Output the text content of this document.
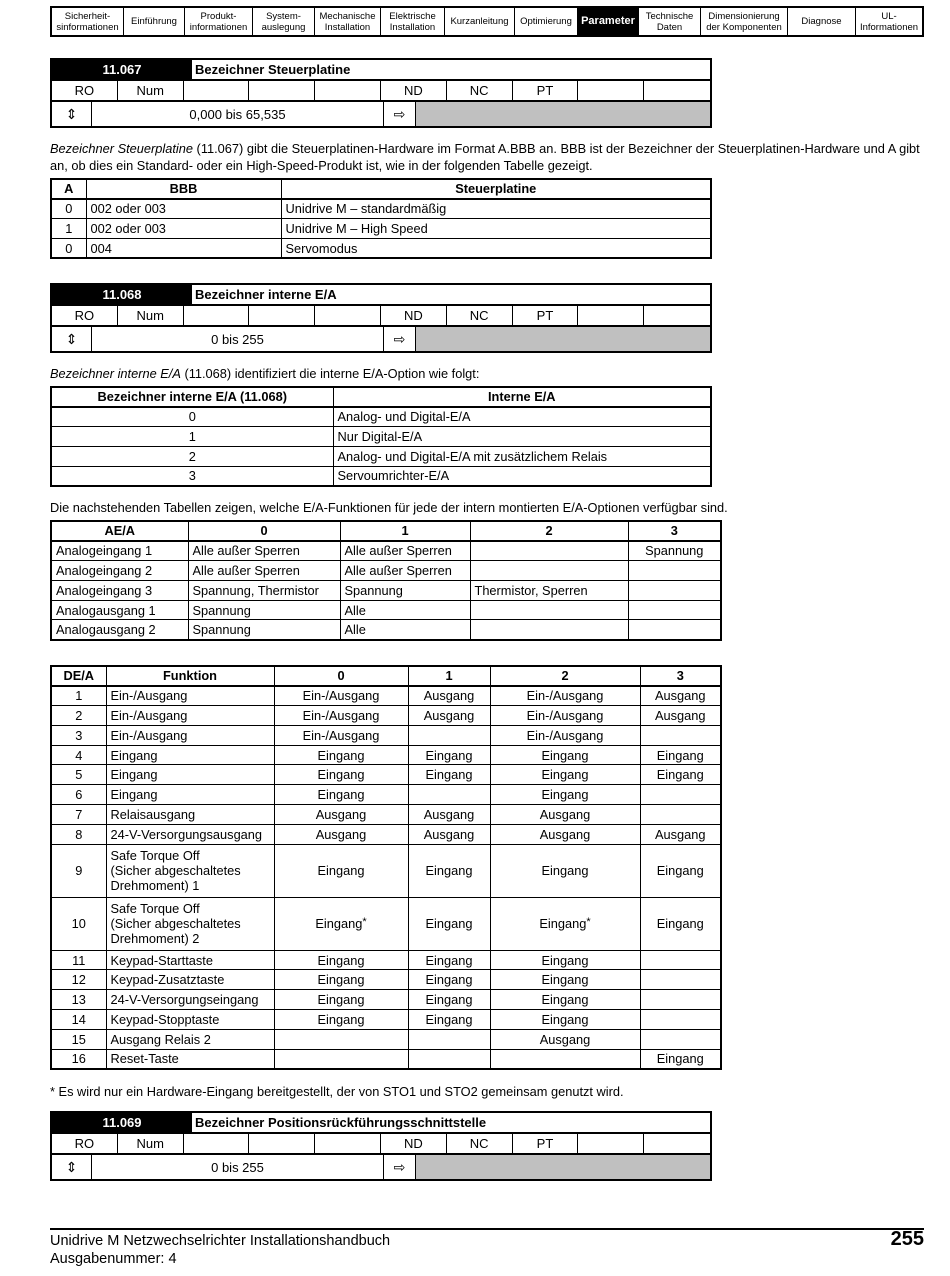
Sicherheit-
sinformationen	Einführung	Produkt-
informationen
System-
auslegung
Mechanische
Installation
Elektrische
Installation	Kurzanleitung	Optimierung Parameter	Technische
Daten
Dimensionierung
der Komponenten	Diagnose	UL-
Informationen
11.067	Bezeichner Steuerplatine
RO	Num	ND	NC	PT
⇕	0,000 bis 65,535	⇨

Bezeichner Steuerplatine (11.067) gibt die Steuerplatinen-Hardware im Format A.BBB an. BBB ist der Bezeichner der Steuerplatinen-Hardware und A gibt an, ob dies ein Standard- oder ein High-Speed-Produkt ist, wie in der folgenden Tabelle gezeigt.

A	BBB	Steuerplatine
0	002 oder 003	Unidrive M – standardmäßig
1	002 oder 003	Unidrive M – High Speed
0	004	Servomodus
11.068	Bezeichner interne E/A
RO	Num	ND	NC	PT
⇕	0 bis 255	⇨

Bezeichner interne E/A (11.068) identifiziert die interne E/A-Option wie folgt:

Bezeichner interne E/A (11.068)	Interne E/A
0	Analog- und Digital-E/A
1	Nur Digital-E/A
2	Analog- und Digital-E/A mit zusätzlichem Relais
3	Servoumrichter-E/A

Die nachstehenden Tabellen zeigen, welche E/A-Funktionen für jede der intern montierten E/A-Optionen verfügbar sind.

AE/A	0	1	2	3
Analogeingang 1	Alle außer Sperren	Alle außer Sperren		Spannung
Analogeingang 2	Alle außer Sperren	Alle außer Sperren		
Analogeingang 3	Spannung, Thermistor	Spannung	Thermistor, Sperren	
Analogausgang 1	Spannung	Alle		
Analogausgang 2	Spannung	Alle		
DE/A	Funktion	0	1	2	3
1	Ein-/Ausgang	Ein-/Ausgang	Ausgang	Ein-/Ausgang	Ausgang
2	Ein-/Ausgang	Ein-/Ausgang	Ausgang	Ein-/Ausgang	Ausgang
3	Ein-/Ausgang	Ein-/Ausgang		Ein-/Ausgang	
4	Eingang	Eingang	Eingang	Eingang	Eingang
5	Eingang	Eingang	Eingang	Eingang	Eingang
6	Eingang	Eingang		Eingang	
7	Relaisausgang	Ausgang	Ausgang	Ausgang	
8	24-V-Versorgungsausgang	Ausgang	Ausgang	Ausgang	Ausgang
9	Safe Torque Off
(Sicher abgeschaltetes
Drehmoment) 1	Eingang	Eingang	Eingang	Eingang
10	Safe Torque Off
(Sicher abgeschaltetes
Drehmoment) 2	Eingang*	Eingang	Eingang*	Eingang
11	Keypad-Starttaste	Eingang	Eingang	Eingang	
12	Keypad-Zusatztaste	Eingang	Eingang	Eingang	
13	24-V-Versorgungseingang	Eingang	Eingang	Eingang	
14	Keypad-Stopptaste	Eingang	Eingang	Eingang	
15	Ausgang Relais 2			Ausgang	
16	Reset-Taste				Eingang

* Es wird nur ein Hardware-Eingang bereitgestellt, der von STO1 und STO2 gemeinsam genutzt wird.

11.069	Bezeichner Positionsrückführungsschnittstelle
RO	Num	ND	NC	PT
⇕	0 bis 255	⇨
Unidrive M Netzwechselrichter Installationshandbuch
Ausgabenummer: 4
255
